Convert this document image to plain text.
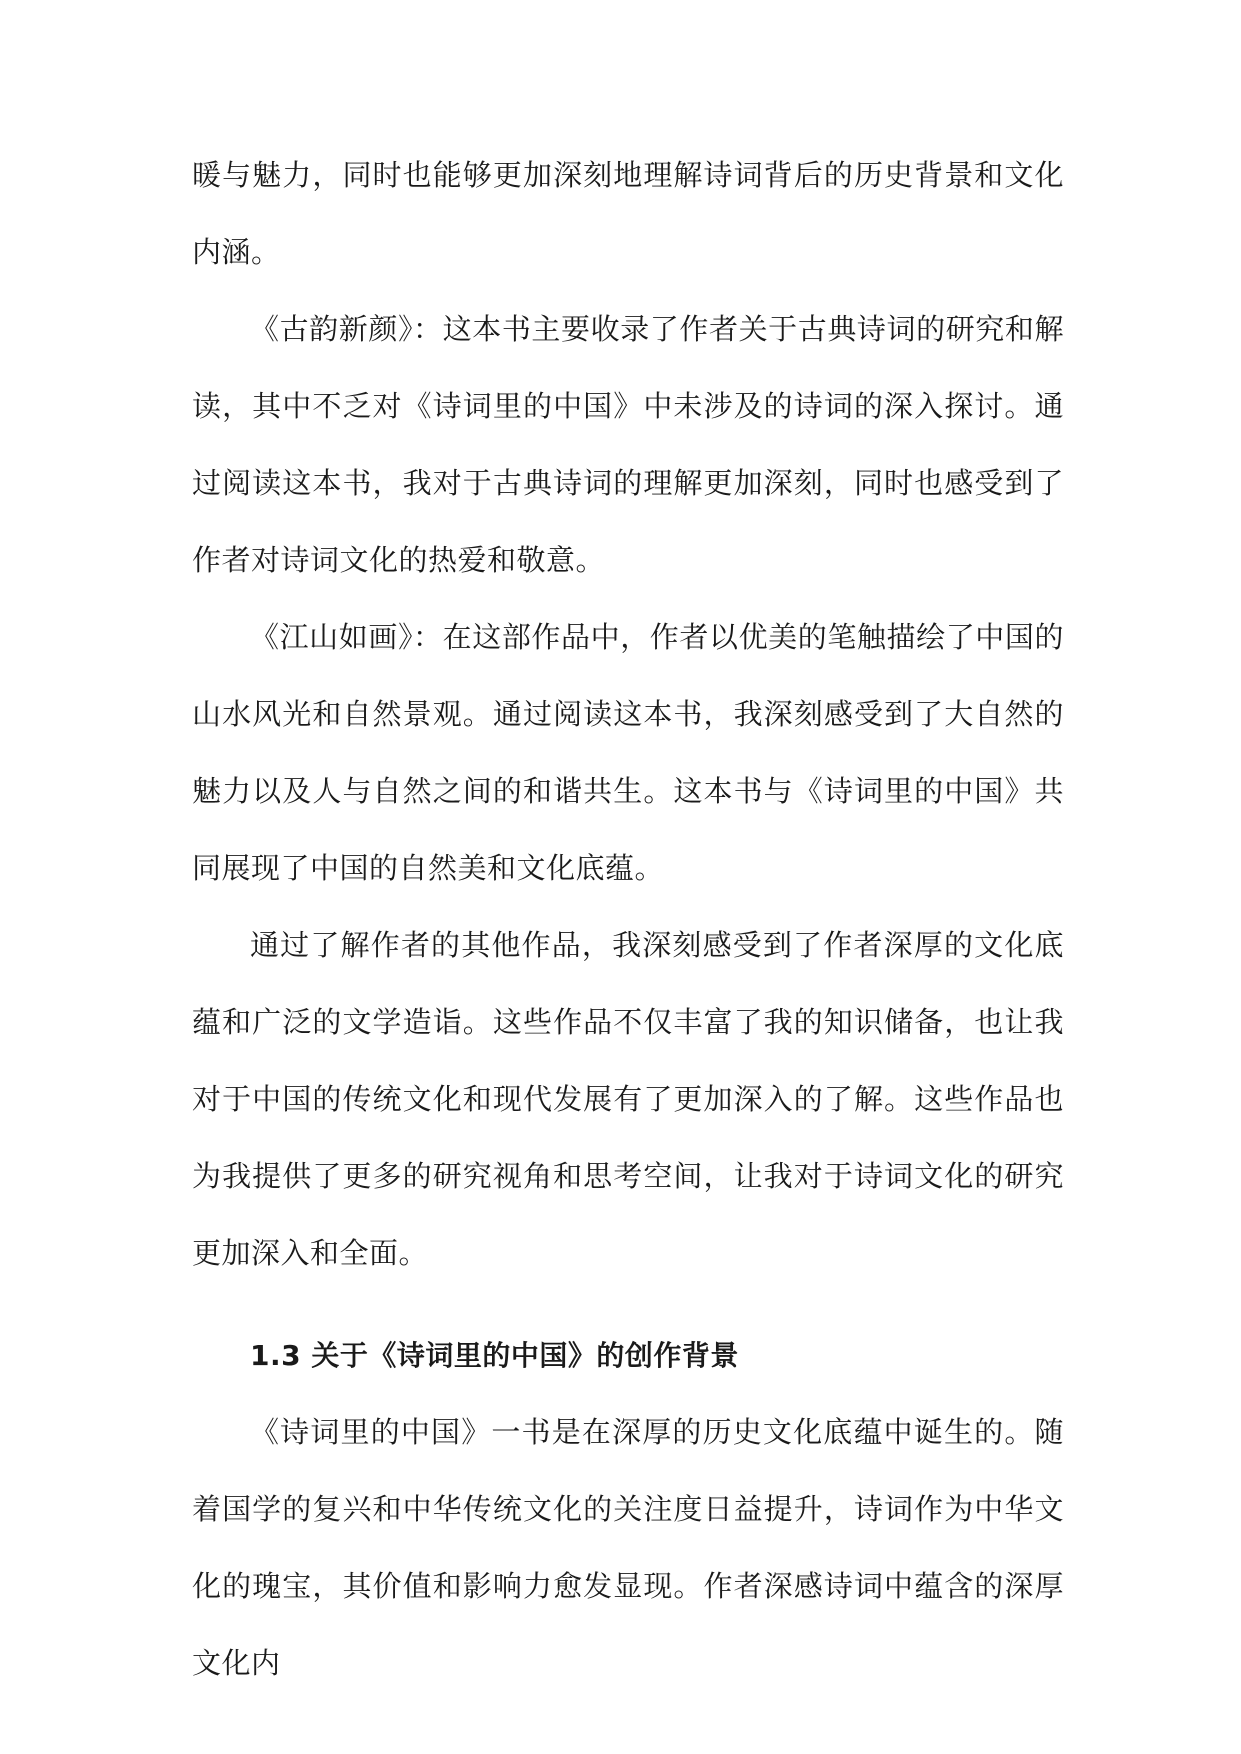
暖与魅力，同时也能够更加深刻地理解诗词背后的历史背景和文化内涵。

《古韵新颜》：这本书主要收录了作者关于古典诗词的研究和解读，其中不乏对《诗词里的中国》中未涉及的诗词的深入探讨。通过阅读这本书，我对于古典诗词的理解更加深刻，同时也感受到了作者对诗词文化的热爱和敬意。

《江山如画》：在这部作品中，作者以优美的笔触描绘了中国的山水风光和自然景观。通过阅读这本书，我深刻感受到了大自然的魅力以及人与自然之间的和谐共生。这本书与《诗词里的中国》共同展现了中国的自然美和文化底蕴。

通过了解作者的其他作品，我深刻感受到了作者深厚的文化底蕴和广泛的文学造诣。这些作品不仅丰富了我的知识储备，也让我对于中国的传统文化和现代发展有了更加深入的了解。这些作品也为我提供了更多的研究视角和思考空间，让我对于诗词文化的研究更加深入和全面。

1.3 关于《诗词里的中国》的创作背景

《诗词里的中国》一书是在深厚的历史文化底蕴中诞生的。随着国学的复兴和中华传统文化的关注度日益提升，诗词作为中华文化的瑰宝，其价值和影响力愈发显现。作者深感诗词中蕴含的深厚文化内
